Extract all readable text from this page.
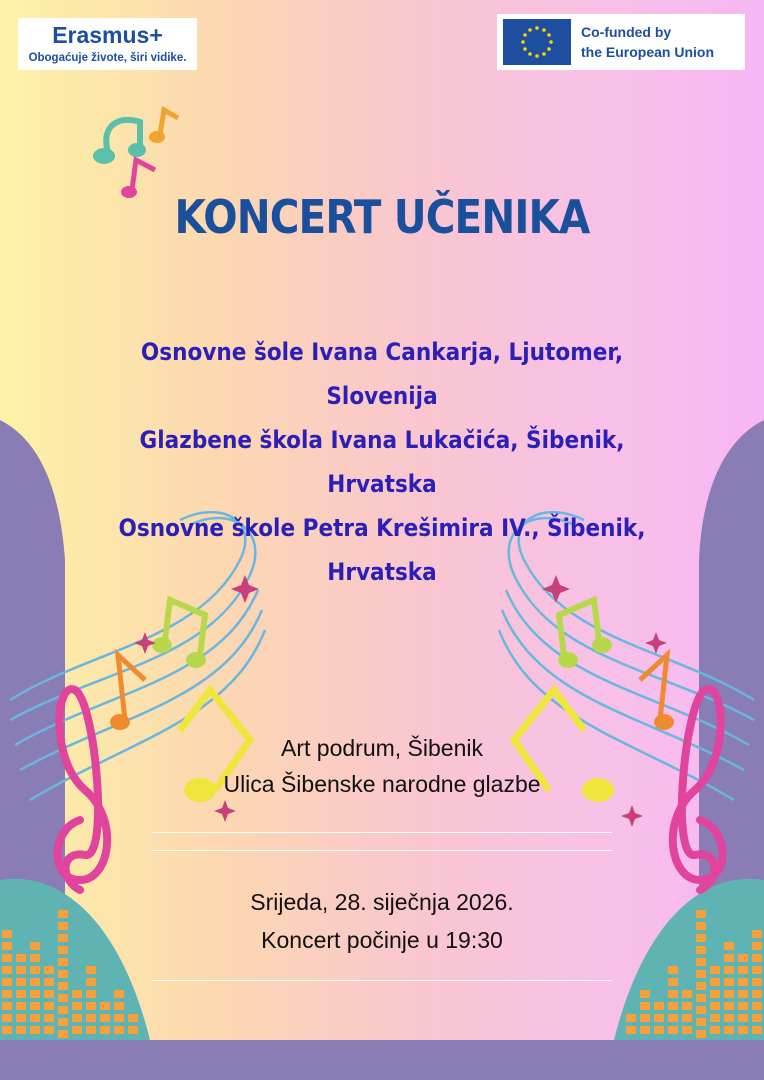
Erasmus+
Obogaćuje živote, širi vidike.
Co-funded by
the European Union
KONCERT UČENIKA
Osnovne šole Ivana Cankarja, Ljutomer,
Slovenija
Glazbene škola Ivana Lukačića, Šibenik,
Hrvatska
Osnovne škole Petra Krešimira IV., Šibenik,
Hrvatska
Art podrum, Šibenik
Ulica Šibenske narodne glazbe
Srijeda, 28. siječnja 2026.
Koncert počinje u 19:30
